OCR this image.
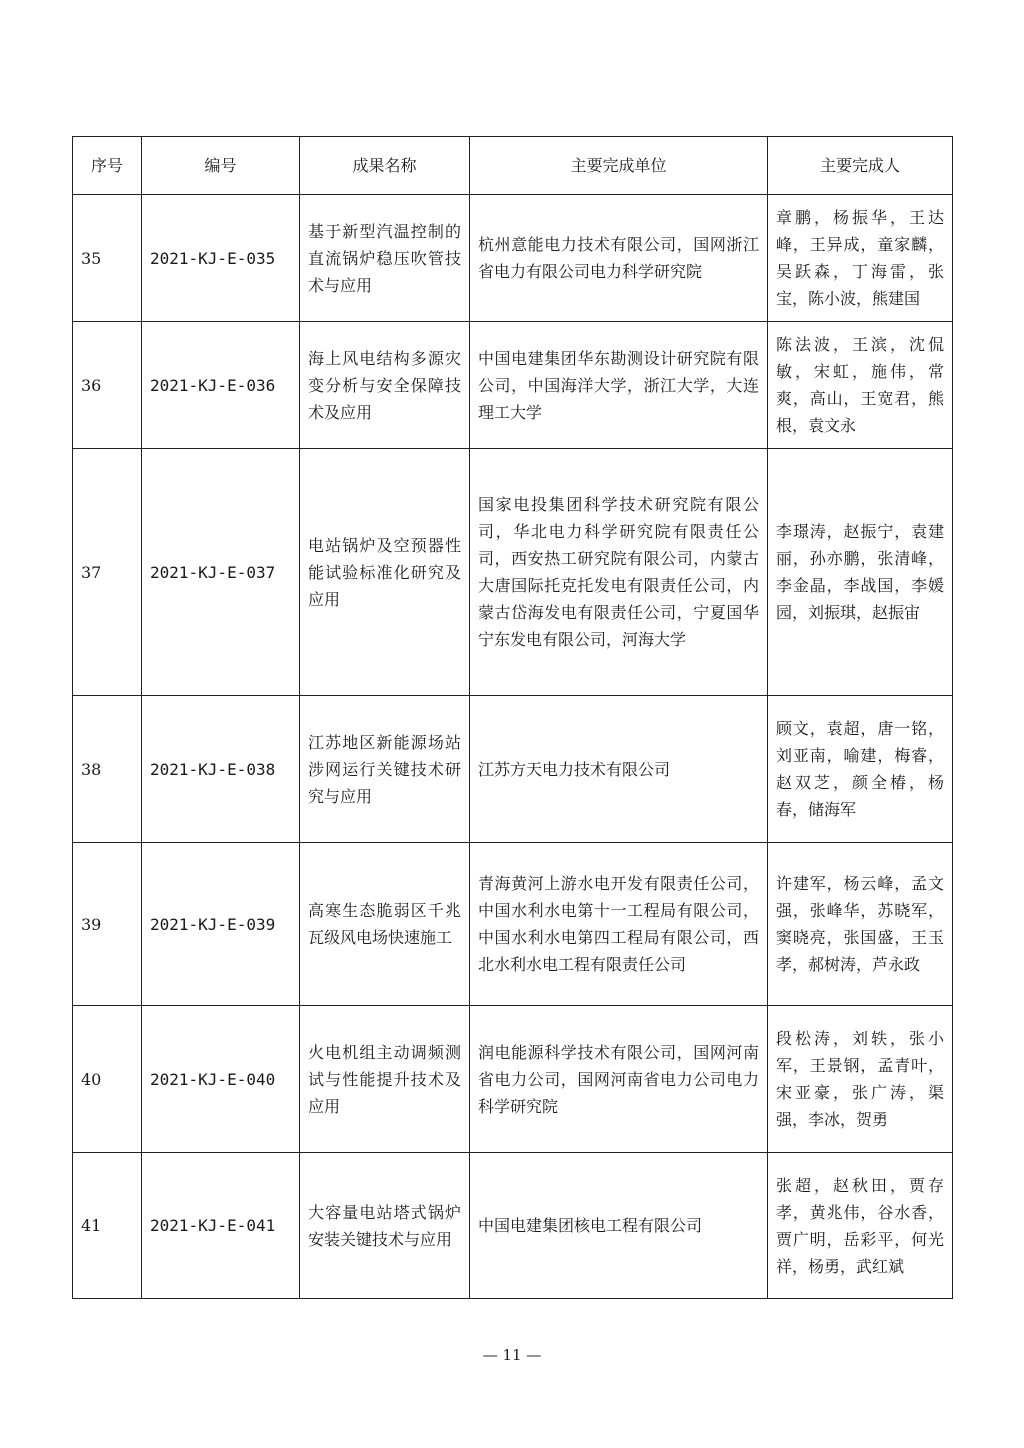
序号	编号	成果名称	主要完成单位	主要完成人
35	2021-KJ-E-035	基于新型汽温控制的直流锅炉稳压吹管技术与应用	杭州意能电力技术有限公司，国网浙江省电力有限公司电力科学研究院	章鹏，杨振华，王达峰，王异成，童家麟，吴跃森，丁海雷，张宝，陈小波，熊建国
36	2021-KJ-E-036	海上风电结构多源灾变分析与安全保障技术及应用	中国电建集团华东勘测设计研究院有限公司，中国海洋大学，浙江大学，大连理工大学	陈法波，王滨，沈侃敏，宋虹，施伟，常爽，高山，王宽君，熊根，袁文永
37	2021-KJ-E-037	电站锅炉及空预器性能试验标准化研究及应用	国家电投集团科学技术研究院有限公司，华北电力科学研究院有限责任公司，西安热工研究院有限公司，内蒙古大唐国际托克托发电有限责任公司，内蒙古岱海发电有限责任公司，宁夏国华宁东发电有限公司，河海大学	李璟涛，赵振宁，袁建丽，孙亦鹏，张清峰，李金晶，李战国，李媛园，刘振琪，赵振宙
38	2021-KJ-E-038	江苏地区新能源场站涉网运行关键技术研究与应用	江苏方天电力技术有限公司	顾文，袁超，唐一铭，刘亚南，喻建，梅睿，赵双芝，颜全椿，杨春，储海军
39	2021-KJ-E-039	高寒生态脆弱区千兆瓦级风电场快速施工	青海黄河上游水电开发有限责任公司，中国水利水电第十一工程局有限公司，中国水利水电第四工程局有限公司，西北水利水电工程有限责任公司	许建军，杨云峰，孟文强，张峰华，苏晓军，窦晓亮，张国盛，王玉孝，郝树涛，芦永政
40	2021-KJ-E-040	火电机组主动调频测试与性能提升技术及应用	润电能源科学技术有限公司，国网河南省电力公司，国网河南省电力公司电力科学研究院	段松涛，刘轶，张小军，王景钢，孟青叶，宋亚豪，张广涛，渠强，李冰，贺勇
41	2021-KJ-E-041	大容量电站塔式锅炉安装关键技术与应用	中国电建集团核电工程有限公司	张超，赵秋田，贾存孝，黄兆伟，谷水香，贾广明，岳彩平，何光祥，杨勇，武红斌
— 11 —
